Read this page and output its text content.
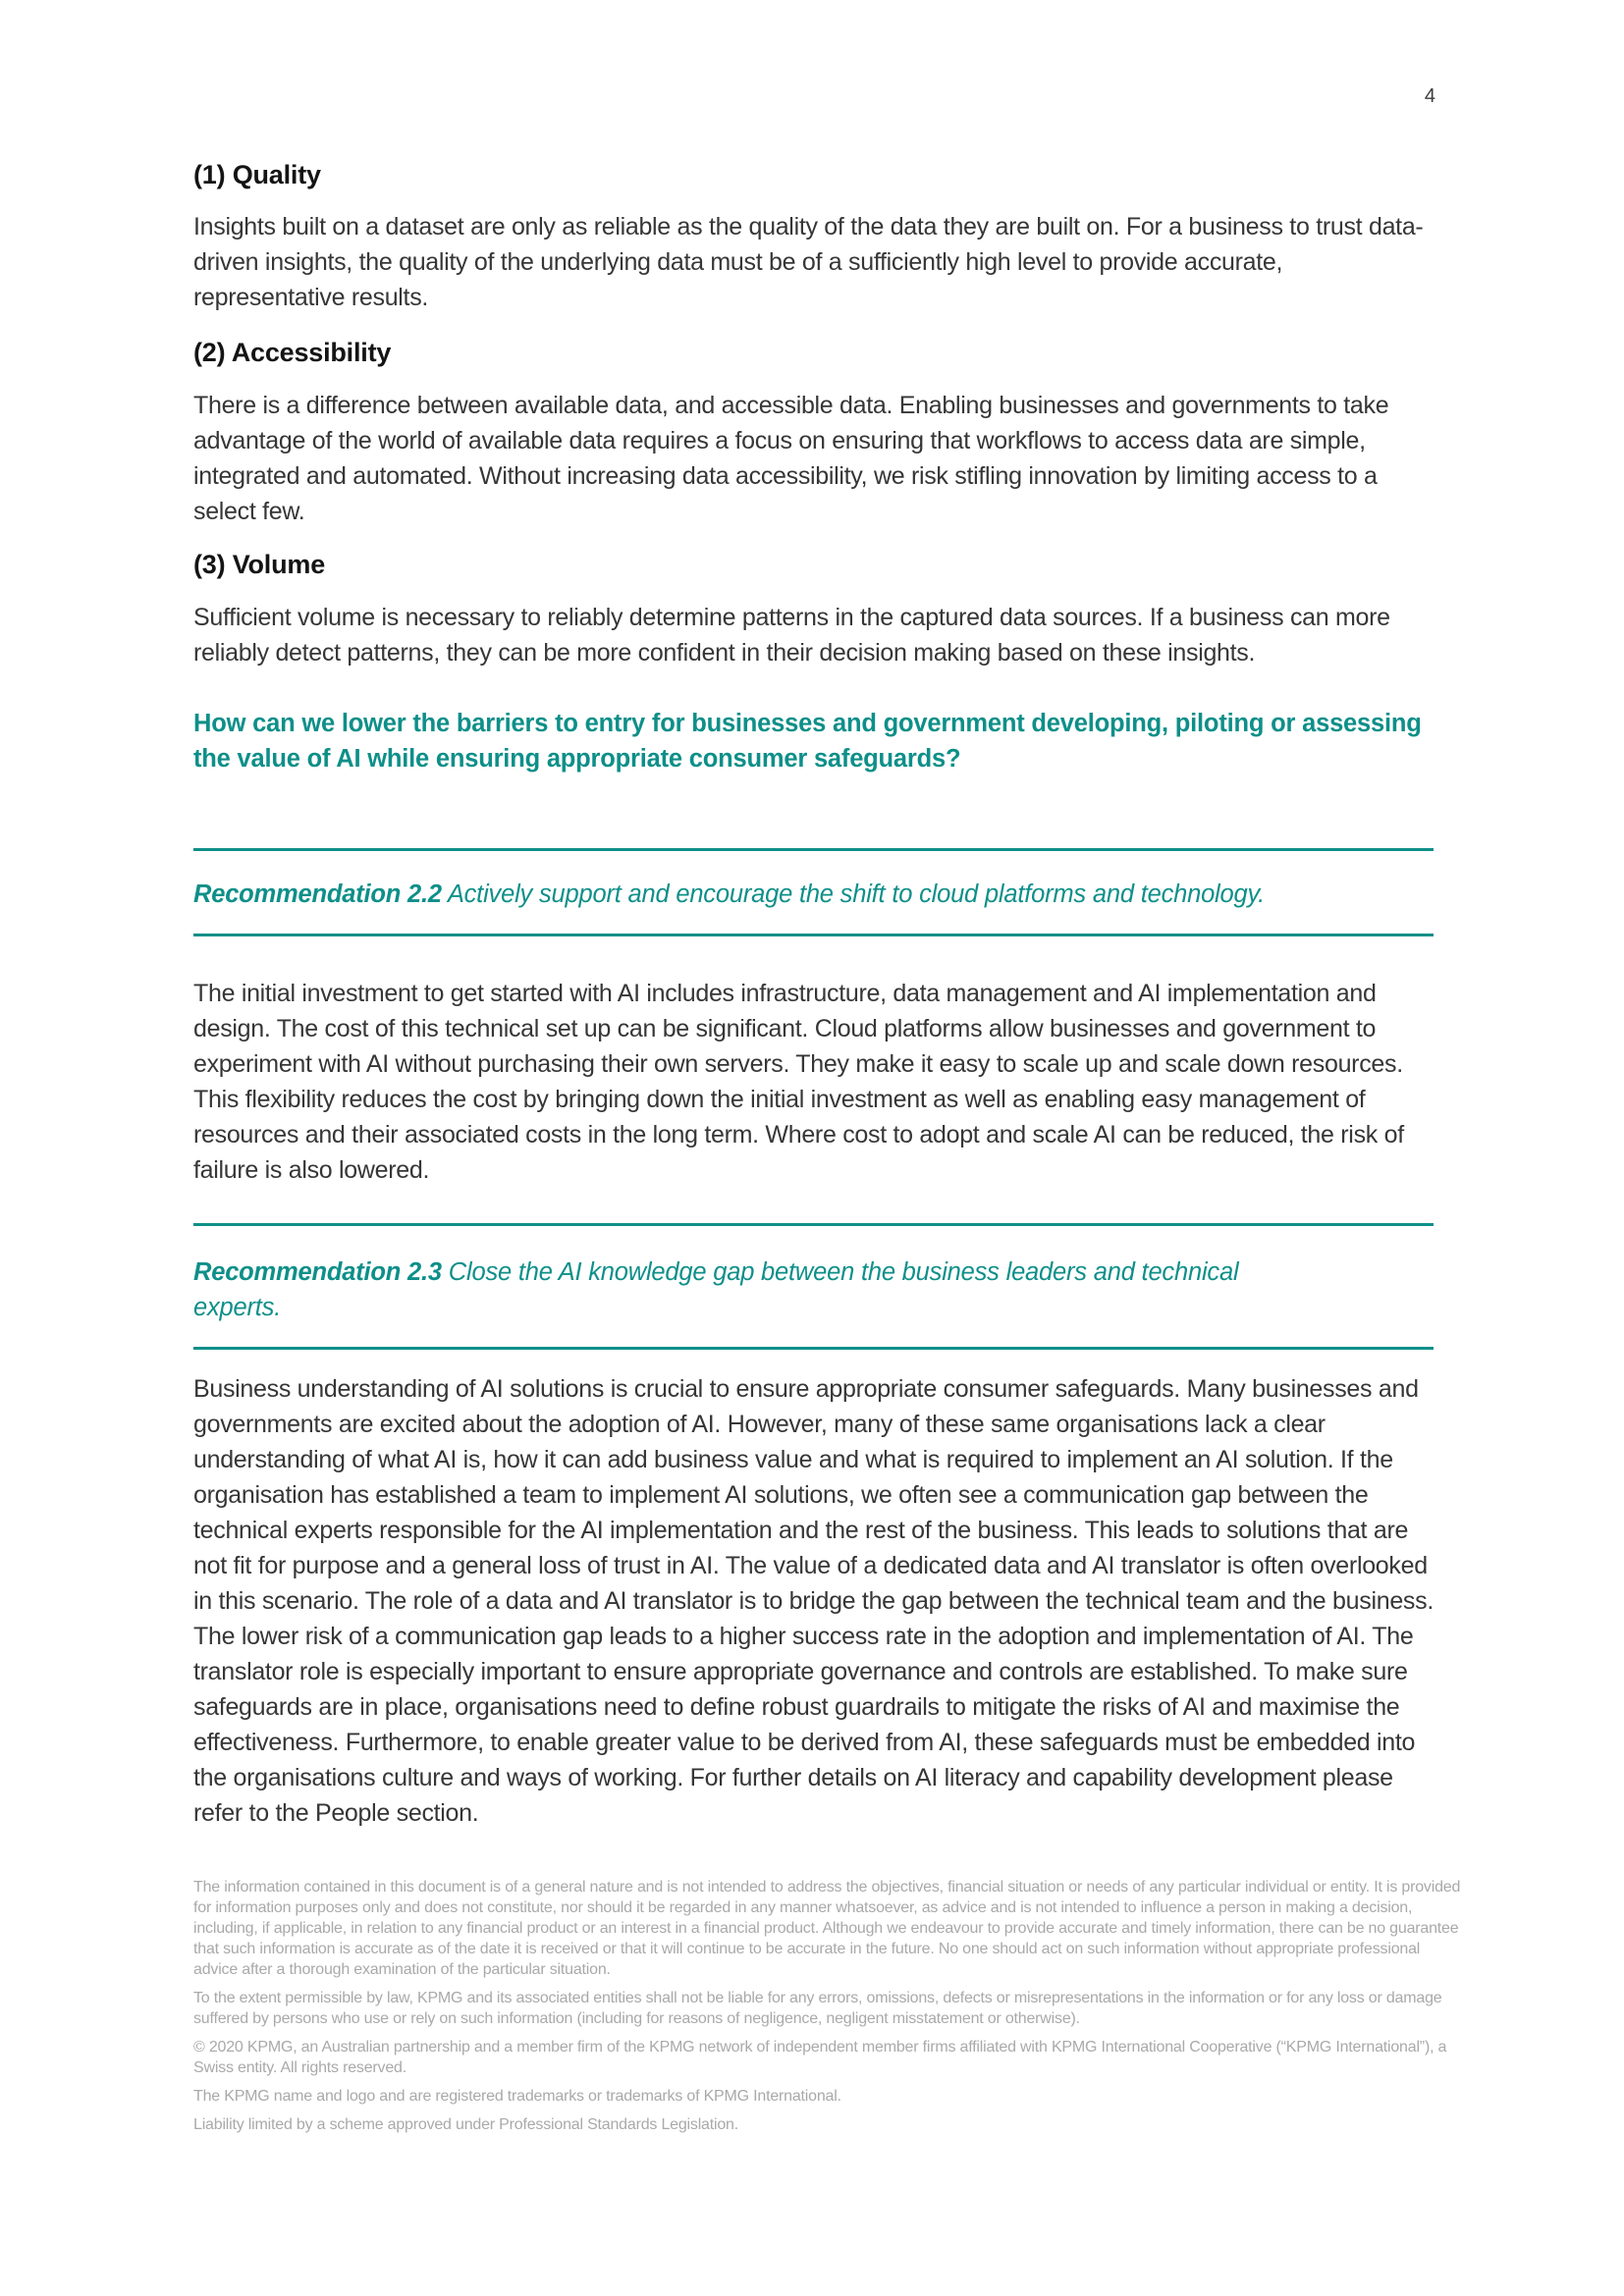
4
(1) Quality

Insights built on a dataset are only as reliable as the quality of the data they are built on. For a business to trust data-driven insights, the quality of the underlying data must be of a sufficiently high level to provide accurate, representative results.

(2) Accessibility

There is a difference between available data, and accessible data. Enabling businesses and governments to take advantage of the world of available data requires a focus on ensuring that workflows to access data are simple, integrated and automated. Without increasing data accessibility, we risk stifling innovation by limiting access to a select few.

(3) Volume

Sufficient volume is necessary to reliably determine patterns in the captured data sources. If a business can more reliably detect patterns, they can be more confident in their decision making based on these insights.

How can we lower the barriers to entry for businesses and government developing, piloting or assessing the value of AI while ensuring appropriate consumer safeguards?

Recommendation 2.2 Actively support and encourage the shift to cloud platforms and technology.

The initial investment to get started with AI includes infrastructure, data management and AI implementation and design. The cost of this technical set up can be significant. Cloud platforms allow businesses and government to experiment with AI without purchasing their own servers. They make it easy to scale up and scale down resources. This flexibility reduces the cost by bringing down the initial investment as well as enabling easy management of resources and their associated costs in the long term. Where cost to adopt and scale AI can be reduced, the risk of failure is also lowered.

Recommendation 2.3 Close the AI knowledge gap between the business leaders and technical experts.

Business understanding of AI solutions is crucial to ensure appropriate consumer safeguards. Many businesses and governments are excited about the adoption of AI. However, many of these same organisations lack a clear understanding of what AI is, how it can add business value and what is required to implement an AI solution. If the organisation has established a team to implement AI solutions, we often see a communication gap between the technical experts responsible for the AI implementation and the rest of the business. This leads to solutions that are not fit for purpose and a general loss of trust in AI. The value of a dedicated data and AI translator is often overlooked in this scenario. The role of a data and AI translator is to bridge the gap between the technical team and the business. The lower risk of a communication gap leads to a higher success rate in the adoption and implementation of AI. The translator role is especially important to ensure appropriate governance and controls are established. To make sure safeguards are in place, organisations need to define robust guardrails to mitigate the risks of AI and maximise the effectiveness. Furthermore, to enable greater value to be derived from AI, these safeguards must be embedded into the organisations culture and ways of working. For further details on AI literacy and capability development please refer to the People section.

The information contained in this document is of a general nature and is not intended to address the objectives, financial situation or needs of any particular individual or entity. It is provided for information purposes only and does not constitute, nor should it be regarded in any manner whatsoever, as advice and is not intended to influence a person in making a decision, including, if applicable, in relation to any financial product or an interest in a financial product. Although we endeavour to provide accurate and timely information, there can be no guarantee that such information is accurate as of the date it is received or that it will continue to be accurate in the future. No one should act on such information without appropriate professional advice after a thorough examination of the particular situation.

To the extent permissible by law, KPMG and its associated entities shall not be liable for any errors, omissions, defects or misrepresentations in the information or for any loss or damage suffered by persons who use or rely on such information (including for reasons of negligence, negligent misstatement or otherwise).

© 2020 KPMG, an Australian partnership and a member firm of the KPMG network of independent member firms affiliated with KPMG International Cooperative (“KPMG International”), a Swiss entity. All rights reserved.

The KPMG name and logo and are registered trademarks or trademarks of KPMG International.

Liability limited by a scheme approved under Professional Standards Legislation.
